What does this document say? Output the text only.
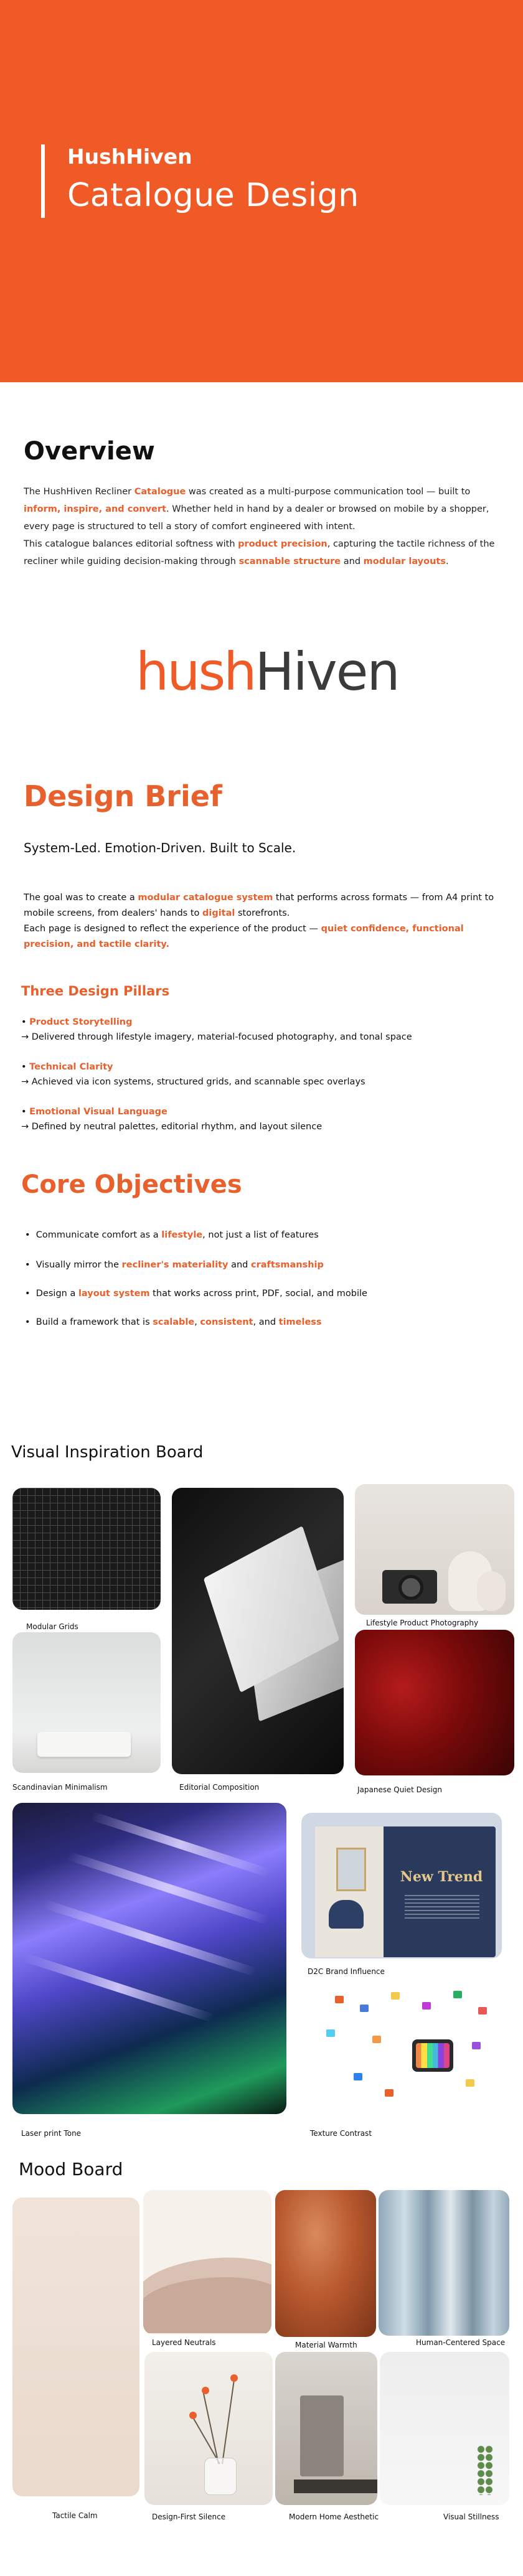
HushHiven
Catalogue Design
Overview
The HushHiven Recliner Catalogue was created as a multi-purpose communication tool — built to inform, inspire, and convert. Whether held in hand by a dealer or browsed on mobile by a shopper, every page is structured to tell a story of comfort engineered with intent.
This catalogue balances editorial softness with product precision, capturing the tactile richness of the recliner while guiding decision-making through scannable structure and modular layouts.
hush Hiven
Design Brief
System-Led. Emotion-Driven. Built to Scale.
The goal was to create a modular catalogue system that performs across formats — from A4 print to mobile screens, from dealers' hands to digital storefronts.
Each page is designed to reflect the experience of the product — quiet confidence, functional precision, and tactile clarity.
Three Design Pillars
• Product Storytelling
→ Delivered through lifestyle imagery, material-focused photography, and tonal space
• Technical Clarity
→ Achieved via icon systems, structured grids, and scannable spec overlays
• Emotional Visual Language
→ Defined by neutral palettes, editorial rhythm, and layout silence
Core Objectives
•  Communicate comfort as a lifestyle, not just a list of features
•  Visually mirror the recliner's materiality and craftsmanship
•  Design a layout system that works across print, PDF, social, and mobile
•  Build a framework that is scalable, consistent, and timeless
Visual Inspiration Board
Modular Grids	Lifestyle Product Photography
Scandinavian Minimalism	Editorial Composition	Japanese Quiet Design
Laser print Tone
New Trend
D2C Brand Influence
Texture Contrast
Mood Board
Tactile Calm
Layered Neutrals	Material Warmth	Human-Centered Space
Design-First Silence	Modern Home Aesthetic	Visual Stillness
